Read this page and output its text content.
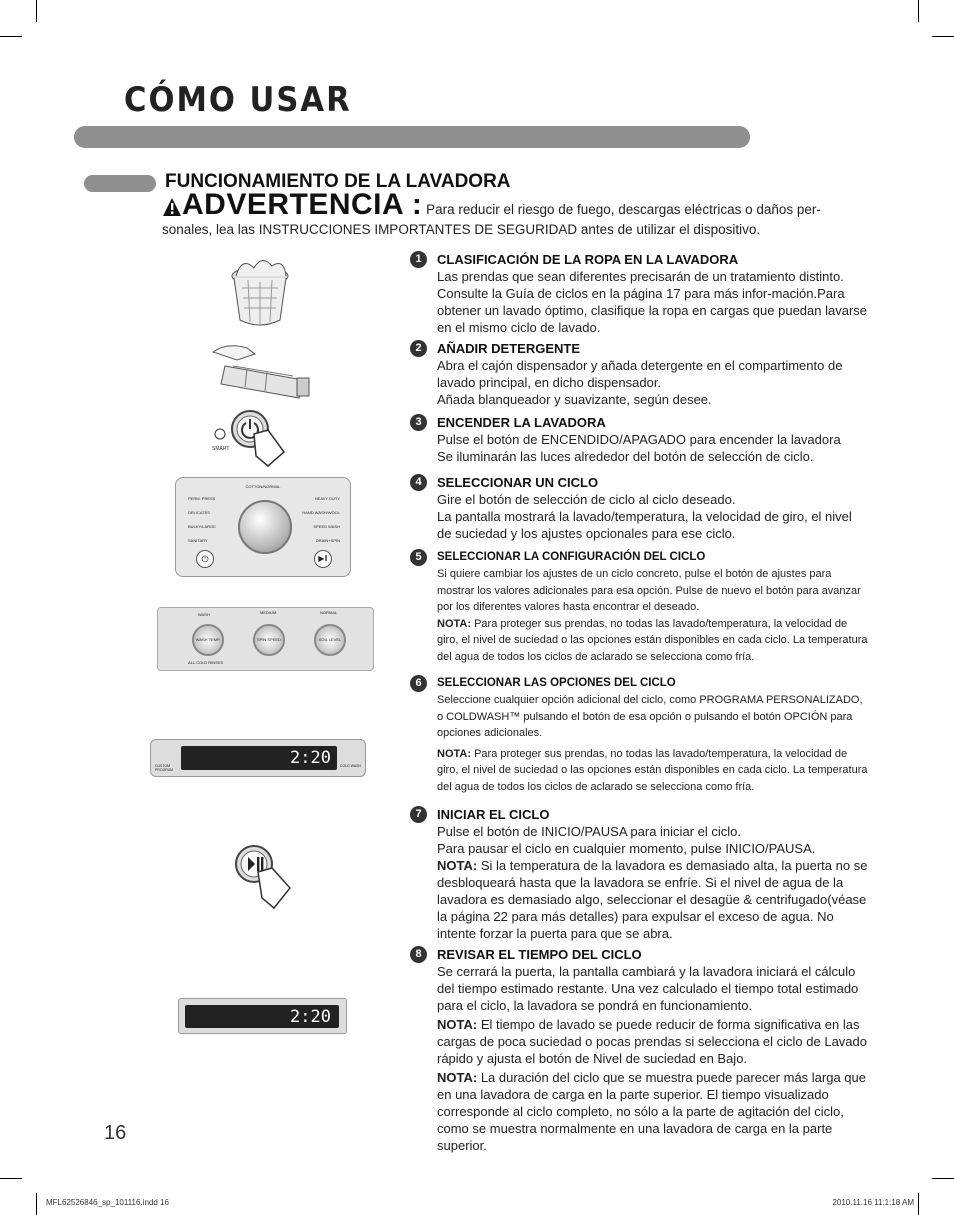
CÓMO USAR
FUNCIONAMIENTO DE LA LAVADORA
ADVERTENCIA : Para reducir el riesgo de fuego, descargas eléctricas o daños per-sonales, lea las INSTRUCCIONES IMPORTANTES DE SEGURIDAD antes de utilizar el dispositivo.
SMART
COTTON/NORMAL
PERM. PRESS
DELICATES
BULKY/LARGE
SANITARY
HEAVY DUTY
HAND WASH/WOOL
SPEED WASH
DRAIN+SPIN
⏻	▶‖
WASH	MEDIUM	NORMAL
WASH TEMP.	SPIN SPEED	SOIL LEVEL
ALL COLD RINSES
2:20
CUSTOM PROGRAM
COLD WASH
2:20
1	CLASIFICACIÓN DE LA ROPA EN LA LAVADORA
Las prendas que sean diferentes precisarán de un tratamiento distinto. Consulte la Guía de ciclos en la página 17 para más infor-mación.Para obtener un lavado óptimo, clasifique la ropa en cargas que puedan lavarse en el mismo ciclo de lavado.
2	AÑADIR DETERGENTE
Abra el cajón dispensador y añada detergente en el compartimento de lavado principal, en dicho dispensador.
Añada blanqueador y suavizante, según desee.
3	ENCENDER LA LAVADORA
Pulse el botón de ENCENDIDO/APAGADO para encender la lavadora
Se iluminarán las luces alrededor del botón de selección de ciclo.
4	SELECCIONAR UN CICLO
Gire el botón de selección de ciclo al ciclo deseado.
La pantalla mostrará la lavado/temperatura, la velocidad de giro, el nivel de suciedad y los ajustes opcionales para ese ciclo.
5	SELECCIONAR LA CONFIGURACIÓN DEL CICLO
Si quiere cambiar los ajustes de un ciclo concreto, pulse el botón de ajustes para mostrar los valores adicionales para esa opción. Pulse de nuevo el botón para avanzar por los diferentes valores hasta encontrar el deseado.
NOTA: Para proteger sus prendas, no todas las lavado/temperatura, la velocidad de giro, el nivel de suciedad o las opciones están disponibles en cada ciclo. La temperatura del agua de todos los ciclos de aclarado se selecciona como fría.
6	SELECCIONAR LAS OPCIONES DEL CICLO
Seleccione cualquier opción adicional del ciclo, como PROGRAMA PERSONALIZADO, o COLDWASH™ pulsando el botón de esa opción o pulsando el botón OPCIÓN para opciones adicionales.
NOTA: Para proteger sus prendas, no todas las lavado/temperatura, la velocidad de giro, el nivel de suciedad o las opciones están disponibles en cada ciclo. La temperatura del agua de todos los ciclos de aclarado se selecciona como fría.
7	INICIAR EL CICLO
Pulse el botón de INICIO/PAUSA para iniciar el ciclo.
Para pausar el ciclo en cualquier momento, pulse INICIO/PAUSA.
NOTA: Si la temperatura de la lavadora es demasiado alta, la puerta no se desbloqueará hasta que la lavadora se enfríe. Si el nivel de agua de la lavadora es demasiado algo, seleccionar el desagüe & centrifugado(véase la página 22 para más detalles) para expulsar el exceso de agua. No intente forzar la puerta para que se abra.
8	REVISAR EL TIEMPO DEL CICLO
Se cerrará la puerta, la pantalla cambiará y la lavadora iniciará el cálculo del tiempo estimado restante. Una vez calculado el tiempo total estimado para el ciclo, la lavadora se pondrá en funcionamiento.
NOTA: El tiempo de lavado se puede reducir de forma significativa en las cargas de poca suciedad o pocas prendas si selecciona el ciclo de Lavado rápido y ajusta el botón de Nivel de suciedad en Bajo.
NOTA: La duración del ciclo que se muestra puede parecer más larga que en una lavadora de carga en la parte superior. El tiempo visualizado corresponde al ciclo completo, no sólo a la parte de agitación del ciclo, como se muestra normalmente en una lavadora de carga en la parte superior.
16
MFL62526846_sp_101116.indd 16	2010.11.16 11:1:18 AM
